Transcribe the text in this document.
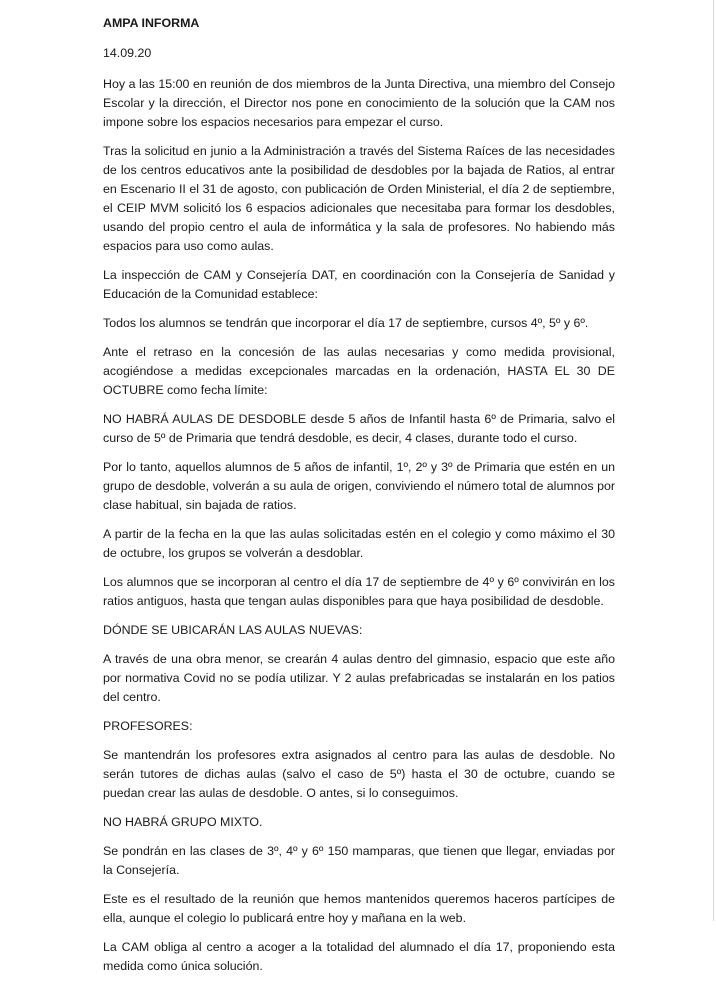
AMPA INFORMA

14.09.20

Hoy a las 15:00 en reunión de dos miembros de la Junta Directiva, una miembro del Consejo Escolar y la dirección, el Director nos pone en conocimiento de la solución que la CAM nos impone sobre los espacios necesarios para empezar el curso.

Tras la solicitud en junio a la Administración a través del Sistema Raíces de las necesidades de los centros educativos ante la posibilidad de desdobles por la bajada de Ratios, al entrar en Escenario II el 31 de agosto, con publicación de Orden Ministerial, el día 2 de septiembre, el CEIP MVM solicitó los 6 espacios adicionales que necesitaba para formar los desdobles, usando del propio centro el aula de informática y la sala de profesores. No habiendo más espacios para uso como aulas.

La inspección de CAM y Consejería DAT, en coordinación con la Consejería de Sanidad y Educación de la Comunidad establece:

Todos los alumnos se tendrán que incorporar el día 17 de septiembre, cursos 4º, 5º y 6º.

Ante el retraso en la concesión de las aulas necesarias y como medida provisional, acogiéndose a medidas excepcionales marcadas en la ordenación, HASTA EL 30 DE OCTUBRE como fecha límite:

NO HABRÁ AULAS DE DESDOBLE desde 5 años de Infantil hasta 6º de Primaria, salvo el curso de 5º de Primaria que tendrá desdoble, es decir, 4 clases, durante todo el curso.

Por lo tanto, aquellos alumnos de 5 años de infantil, 1º, 2º y 3º de Primaria que estén en un grupo de desdoble, volverán a su aula de origen, conviviendo el número total de alumnos por clase habitual, sin bajada de ratios.

A partir de la fecha en la que las aulas solicitadas estén en el colegio y como máximo el 30 de octubre, los grupos se volverán a desdoblar.

Los alumnos que se incorporan al centro el día 17 de septiembre de 4º y 6º convivirán en los ratios antiguos, hasta que tengan aulas disponibles para que haya posibilidad de desdoble.

DÓNDE SE UBICARÁN LAS AULAS NUEVAS:

A través de una obra menor, se crearán 4 aulas dentro del gimnasio, espacio que este año por normativa Covid no se podía utilizar. Y 2 aulas prefabricadas se instalarán en los patios del centro.

PROFESORES:

Se mantendrán los profesores extra asignados al centro para las aulas de desdoble. No serán tutores de dichas aulas (salvo el caso de 5º) hasta el 30 de octubre, cuando se puedan crear las aulas de desdoble. O antes, si lo conseguimos.

NO HABRÁ GRUPO MIXTO.

Se pondrán en las clases de 3º, 4º y 6º 150 mamparas, que tienen que llegar, enviadas por la Consejería.

Este es el resultado de la reunión que hemos mantenidos queremos haceros partícipes de ella, aunque el colegio lo publicará entre hoy y mañana en la web.

La CAM obliga al centro a acoger a la totalidad del alumnado el día 17, proponiendo esta medida como única solución.
